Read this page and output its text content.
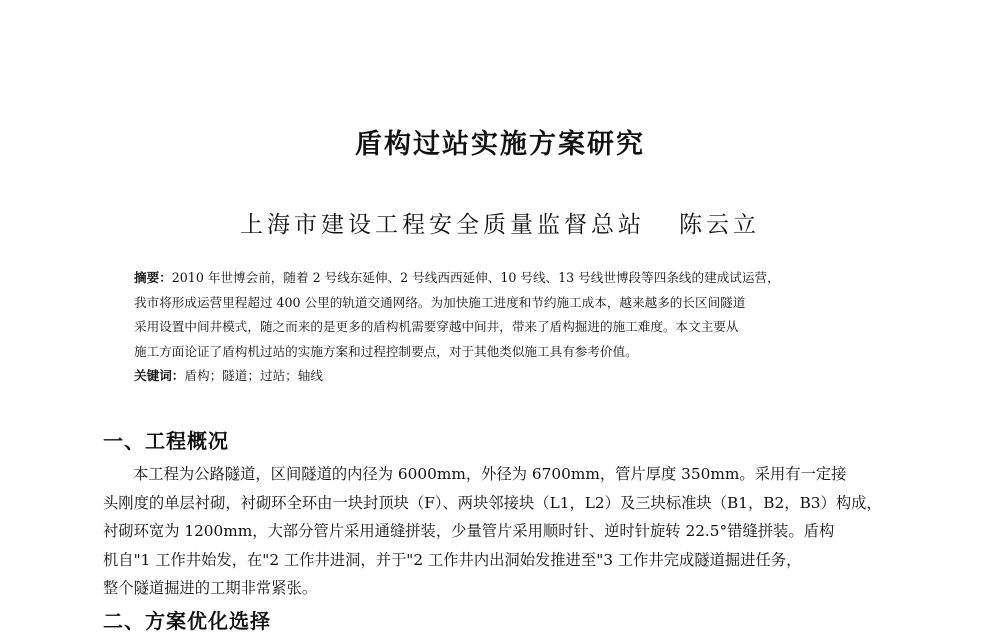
盾构过站实施方案研究
上海市建设工程安全质量监督总站 陈云立
摘要：2010 年世博会前，随着 2 号线东延伸、2 号线西西延伸、10 号线、13 号线世博段等四条线的建成试运营，
我市将形成运营里程超过 400 公里的轨道交通网络。为加快施工进度和节约施工成本，越来越多的长区间隧道
采用设置中间井模式，随之而来的是更多的盾构机需要穿越中间井，带来了盾构掘进的施工难度。本文主要从
施工方面论证了盾构机过站的实施方案和过程控制要点，对于其他类似施工具有参考价值。
关键词：盾构；隧道；过站；轴线
一、工程概况
本工程为公路隧道，区间隧道的内径为 6000mm，外径为 6700mm，管片厚度 350mm。采用有一定接
头刚度的单层衬砌，衬砌环全环由一块封顶块（F）、两块邻接块（L1，L2）及三块标准块（B1，B2，B3）构成，
衬砌环宽为 1200mm，大部分管片采用通缝拼装，少量管片采用顺时针、逆时针旋转 22.5°错缝拼装。盾构
机自"1 工作井始发，在"2 工作井进洞，并于"2 工作井内出洞始发推进至"3 工作井完成隧道掘进任务，
整个隧道掘进的工期非常紧张。
二、方案优化选择
